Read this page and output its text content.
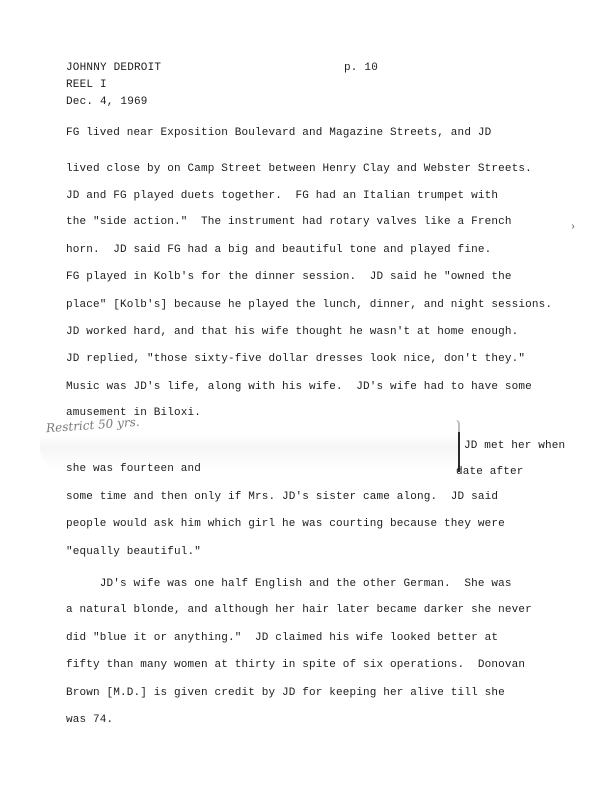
JOHNNY DEDROIT
REEL I
Dec. 4, 1969
p. 10
›
FG lived near Exposition Boulevard and Magazine Streets, and JD
lived close by on Camp Street between Henry Clay and Webster Streets.
JD and FG played duets together.  FG had an Italian trumpet with
the "side action."  The instrument had rotary valves like a French
horn.  JD said FG had a big and beautiful tone and played fine.
FG played in Kolb's for the dinner session.  JD said he "owned the
place" [Kolb's] because he played the lunch, dinner, and night sessions.
JD worked hard, and that his wife thought he wasn't at home enough.
JD replied, "those sixty-five dollar dresses look nice, don't they."
Music was JD's life, along with his wife.  JD's wife had to have some
amusement in Biloxi.
Restrict 50 yrs.
JD met her when
she was fourteen and	date after
some time and then only if Mrs. JD's sister came along.  JD said
people would ask him which girl he was courting because they were
"equally beautiful."
JD's wife was one half English and the other German.  She was
a natural blonde, and although her hair later became darker she never
did "blue it or anything."  JD claimed his wife looked better at
fifty than many women at thirty in spite of six operations.  Donovan
Brown [M.D.] is given credit by JD for keeping her alive till she
was 74.
